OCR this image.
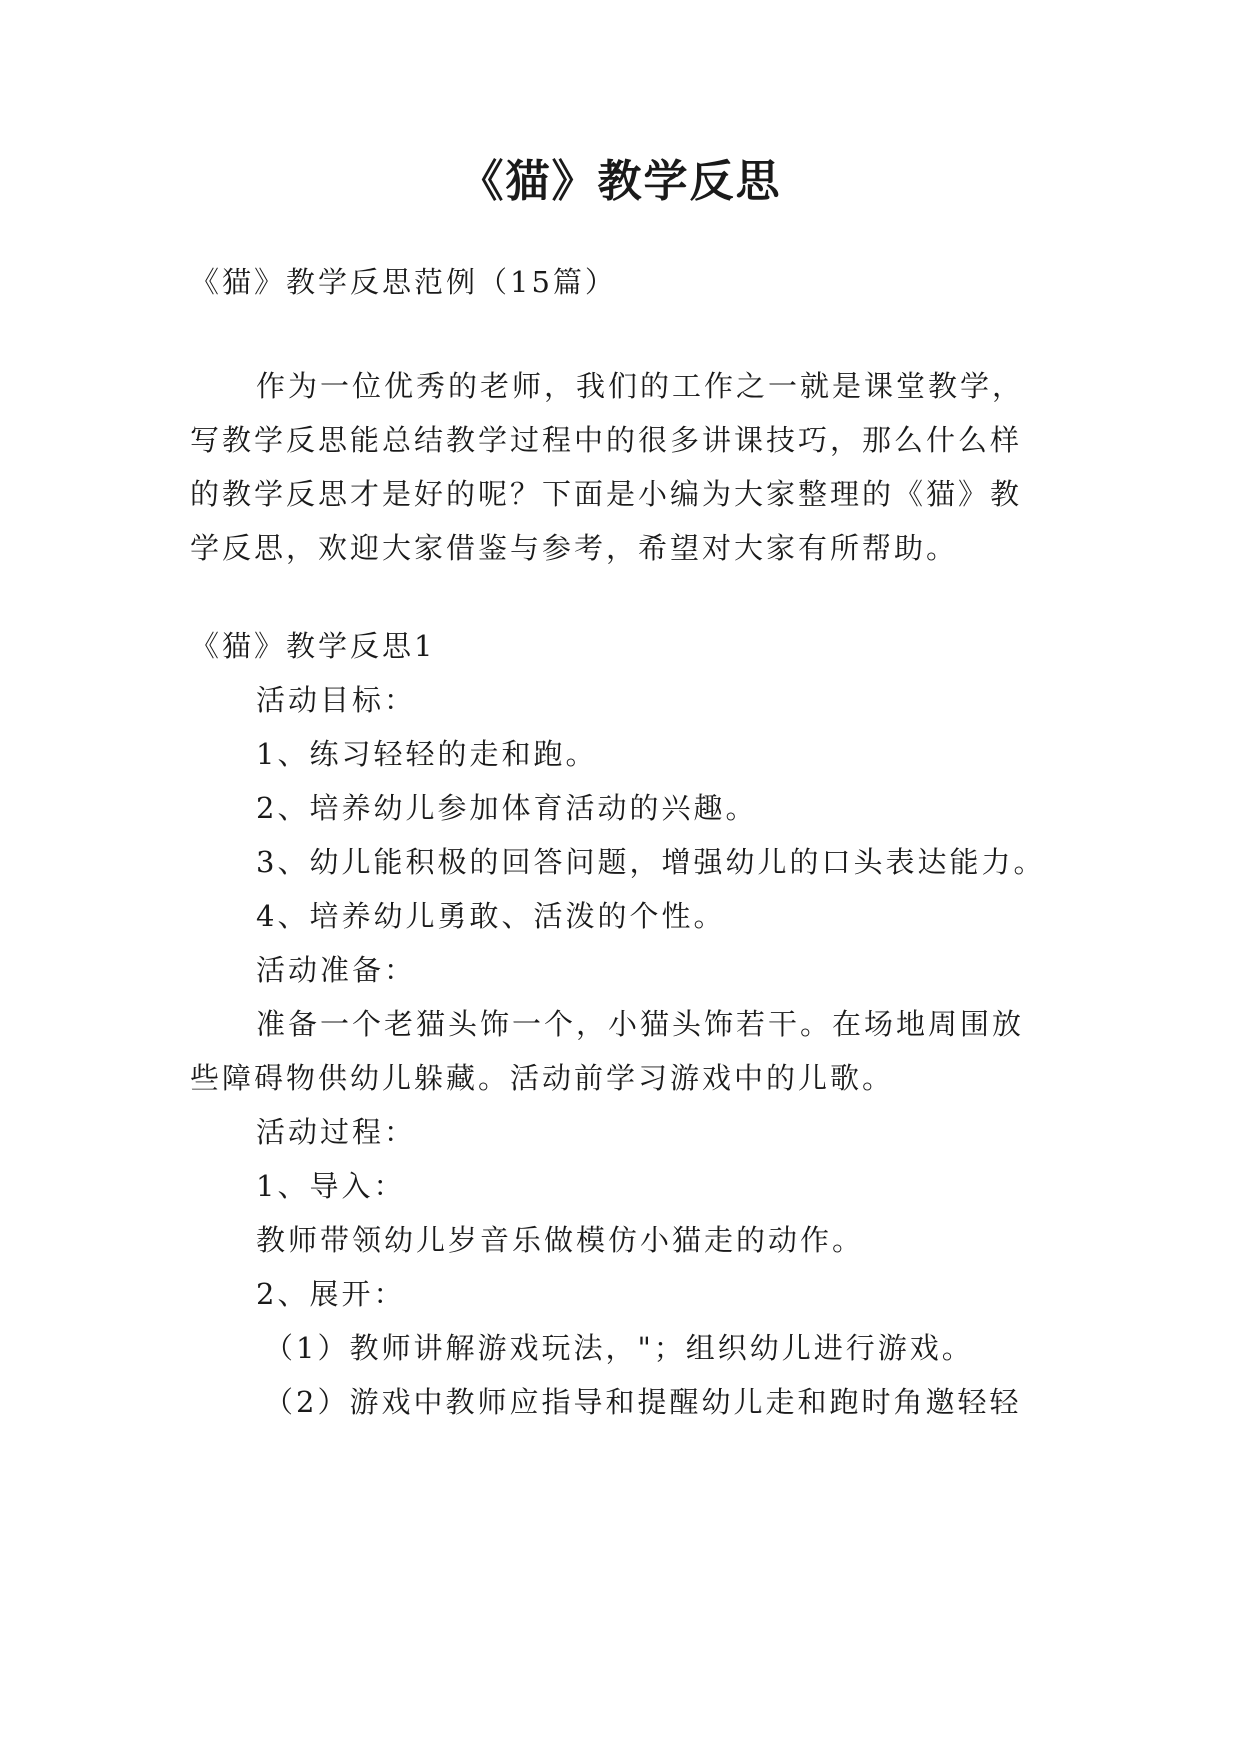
《猫》教学反思

《猫》教学反思范例（15篇）

作为一位优秀的老师，我们的工作之一就是课堂教学，

写教学反思能总结教学过程中的很多讲课技巧，那么什么样

的教学反思才是好的呢？下面是小编为大家整理的《猫》教

学反思，欢迎大家借鉴与参考，希望对大家有所帮助。

《猫》教学反思1

活动目标：

1、练习轻轻的走和跑。

2、培养幼儿参加体育活动的兴趣。

3、幼儿能积极的回答问题，增强幼儿的口头表达能力。

4、培养幼儿勇敢、活泼的个性。

活动准备：

准备一个老猫头饰一个，小猫头饰若干。在场地周围放

些障碍物供幼儿躲藏。活动前学习游戏中的儿歌。

活动过程：

1、导入：

教师带领幼儿岁音乐做模仿小猫走的动作。

2、展开：

（1）教师讲解游戏玩法，"；组织幼儿进行游戏。

（2）游戏中教师应指导和提醒幼儿走和跑时角邀轻轻
